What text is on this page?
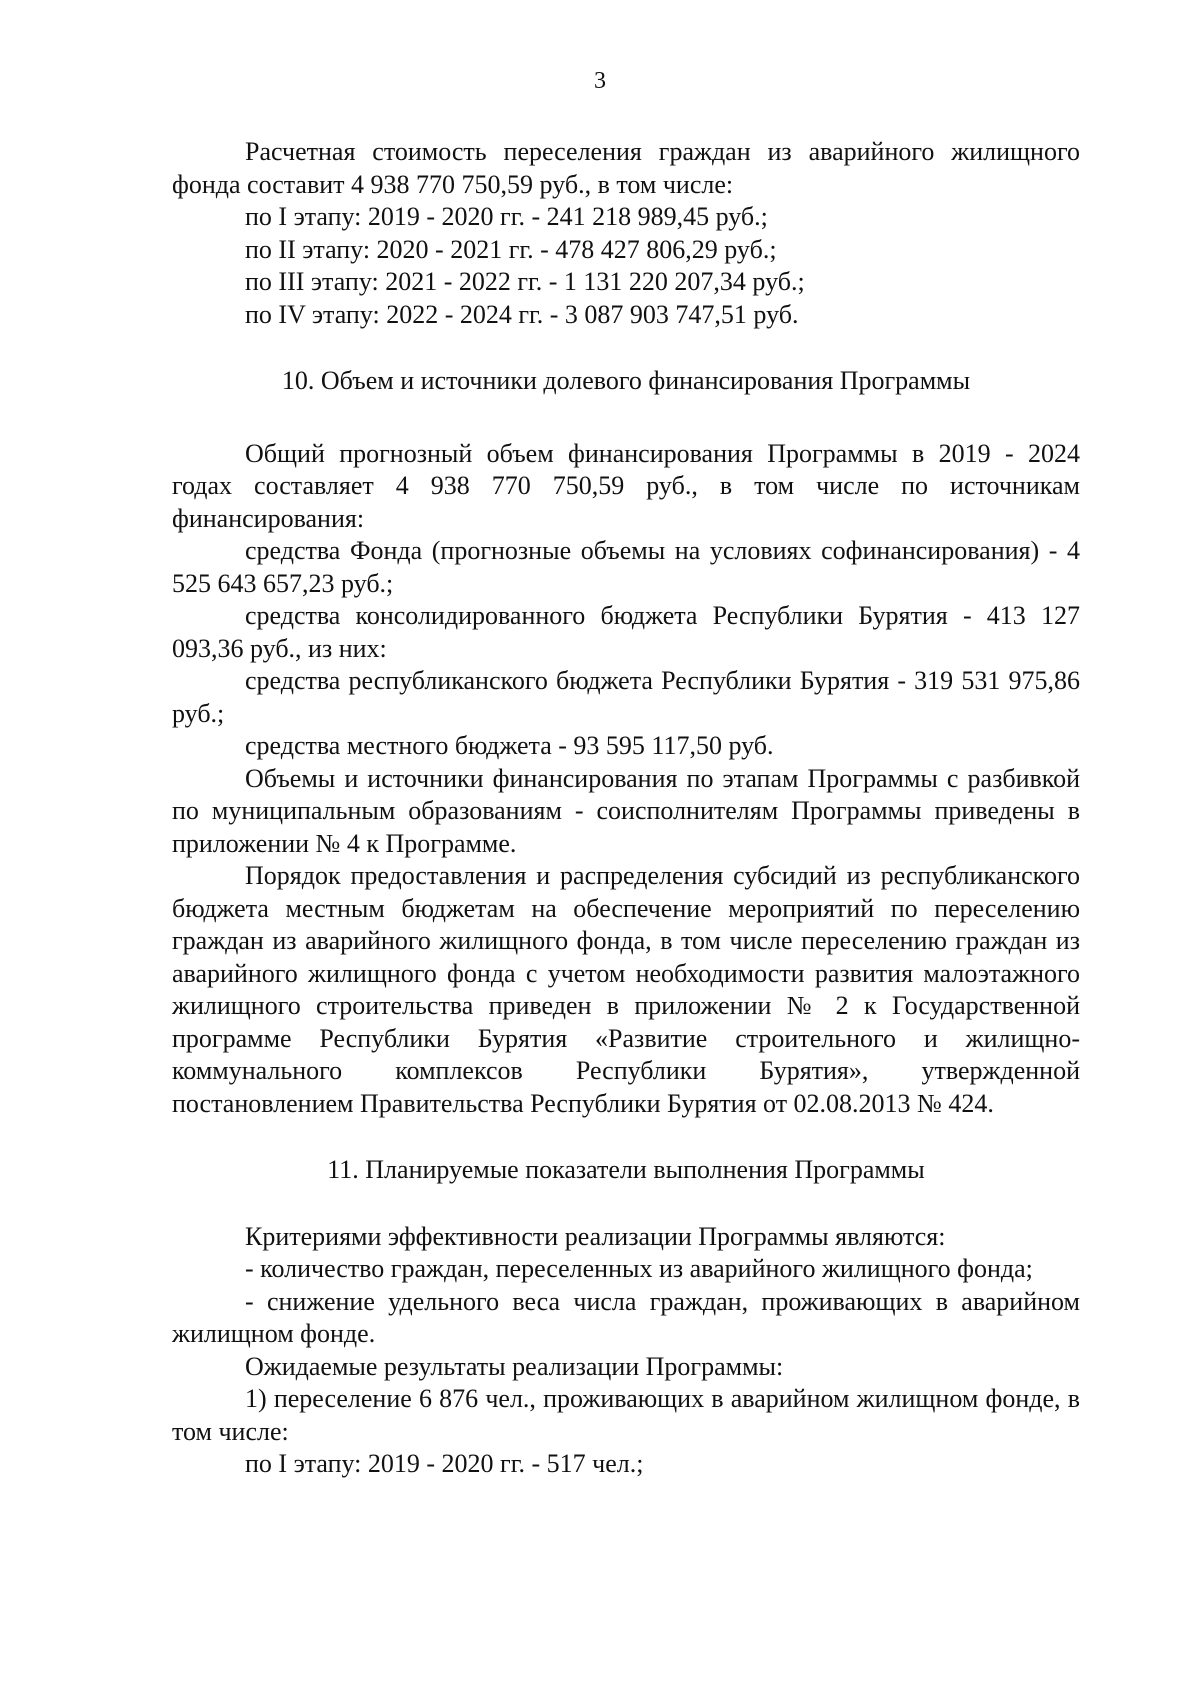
3

Расчетная стоимость переселения граждан из аварийного жилищного фонда составит 4 938 770 750,59 руб., в том числе:

по I этапу: 2019 - 2020 гг. - 241 218 989,45 руб.;

по II этапу: 2020 - 2021 гг. - 478 427 806,29 руб.;

по III этапу: 2021 - 2022 гг. - 1 131 220 207,34 руб.;

по IV этапу: 2022 - 2024 гг. - 3 087 903 747,51 руб.

10. Объем и источники долевого финансирования Программы

Общий прогнозный объем финансирования Программы в 2019 - 2024 годах составляет 4 938 770 750,59 руб., в том числе по источникам финансирования:

средства Фонда (прогнозные объемы на условиях софинансирования) - 4 525 643 657,23 руб.;

средства консолидированного бюджета Республики Бурятия - 413 127 093,36 руб., из них:

средства республиканского бюджета Республики Бурятия - 319 531 975,86 руб.;

средства местного бюджета - 93 595 117,50 руб.

Объемы и источники финансирования по этапам Программы с разбивкой по муниципальным образованиям - соисполнителям Программы приведены в приложении № 4 к Программе.

Порядок предоставления и распределения субсидий из республиканского бюджета местным бюджетам на обеспечение мероприятий по переселению граждан из аварийного жилищного фонда, в том числе переселению граждан из аварийного жилищного фонда с учетом необходимости развития малоэтажного жилищного строительства приведен в приложении № 2 к Государственной программе Республики Бурятия «Развитие строительного и жилищно-коммунального комплексов Республики Бурятия», утвержденной постановлением Правительства Республики Бурятия от 02.08.2013 № 424.

11. Планируемые показатели выполнения Программы

Критериями эффективности реализации Программы являются:

- количество граждан, переселенных из аварийного жилищного фонда;

- снижение удельного веса числа граждан, проживающих в аварийном жилищном фонде.

Ожидаемые результаты реализации Программы:

1) переселение 6 876 чел., проживающих в аварийном жилищном фонде, в том числе:

по I этапу: 2019 - 2020 гг. - 517 чел.;
